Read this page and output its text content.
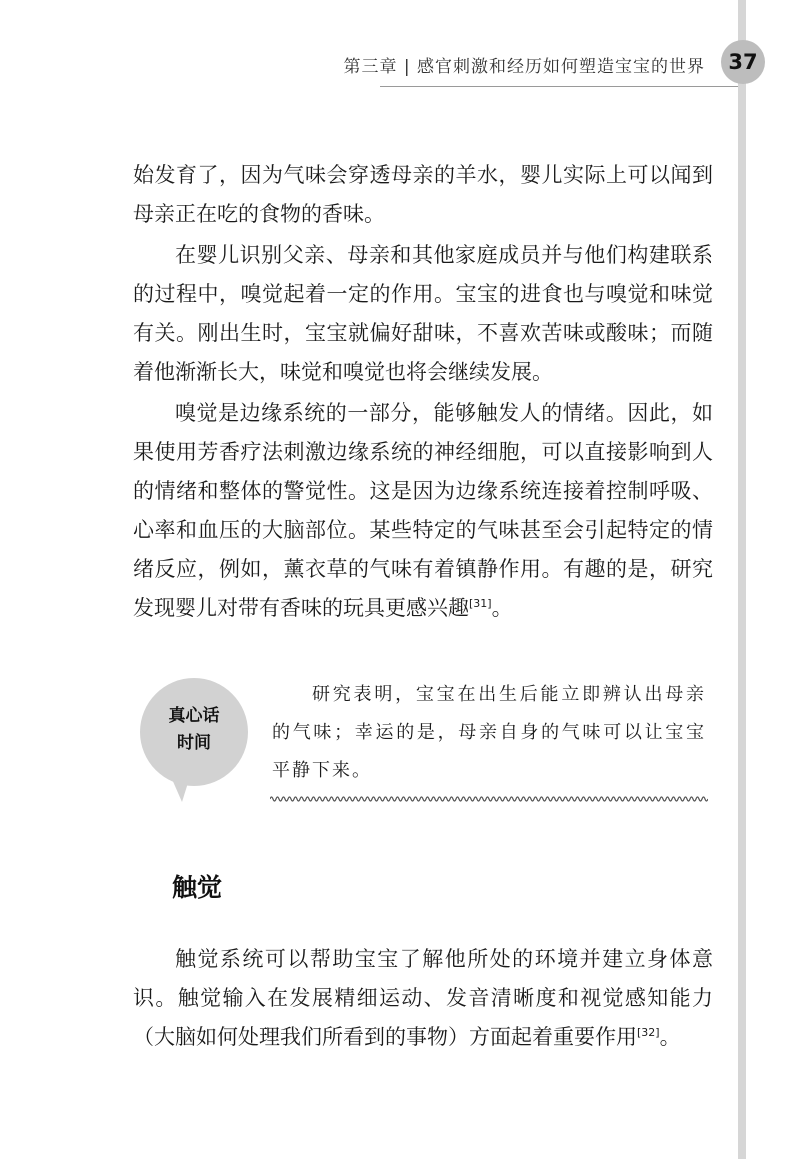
第三章 | 感官刺激和经历如何塑造宝宝的世界	37

始发育了，因为气味会穿透母亲的羊水，婴儿实际上可以闻到母亲正在吃的食物的香味。

在婴儿识别父亲、母亲和其他家庭成员并与他们构建联系的过程中，嗅觉起着一定的作用。宝宝的进食也与嗅觉和味觉有关。刚出生时，宝宝就偏好甜味，不喜欢苦味或酸味；而随着他渐渐长大，味觉和嗅觉也将会继续发展。

嗅觉是边缘系统的一部分，能够触发人的情绪。因此，如果使用芳香疗法刺激边缘系统的神经细胞，可以直接影响到人的情绪和整体的警觉性。这是因为边缘系统连接着控制呼吸、心率和血压的大脑部位。某些特定的气味甚至会引起特定的情绪反应，例如，薰衣草的气味有着镇静作用。有趣的是，研究发现婴儿对带有香味的玩具更感兴趣[31]。

真心话
时间

研究表明，宝宝在出生后能立即辨认出母亲的气味；幸运的是，母亲自身的气味可以让宝宝平静下来。

触觉

触觉系统可以帮助宝宝了解他所处的环境并建立身体意识。触觉输入在发展精细运动、发音清晰度和视觉感知能力（大脑如何处理我们所看到的事物）方面起着重要作用[32]。
